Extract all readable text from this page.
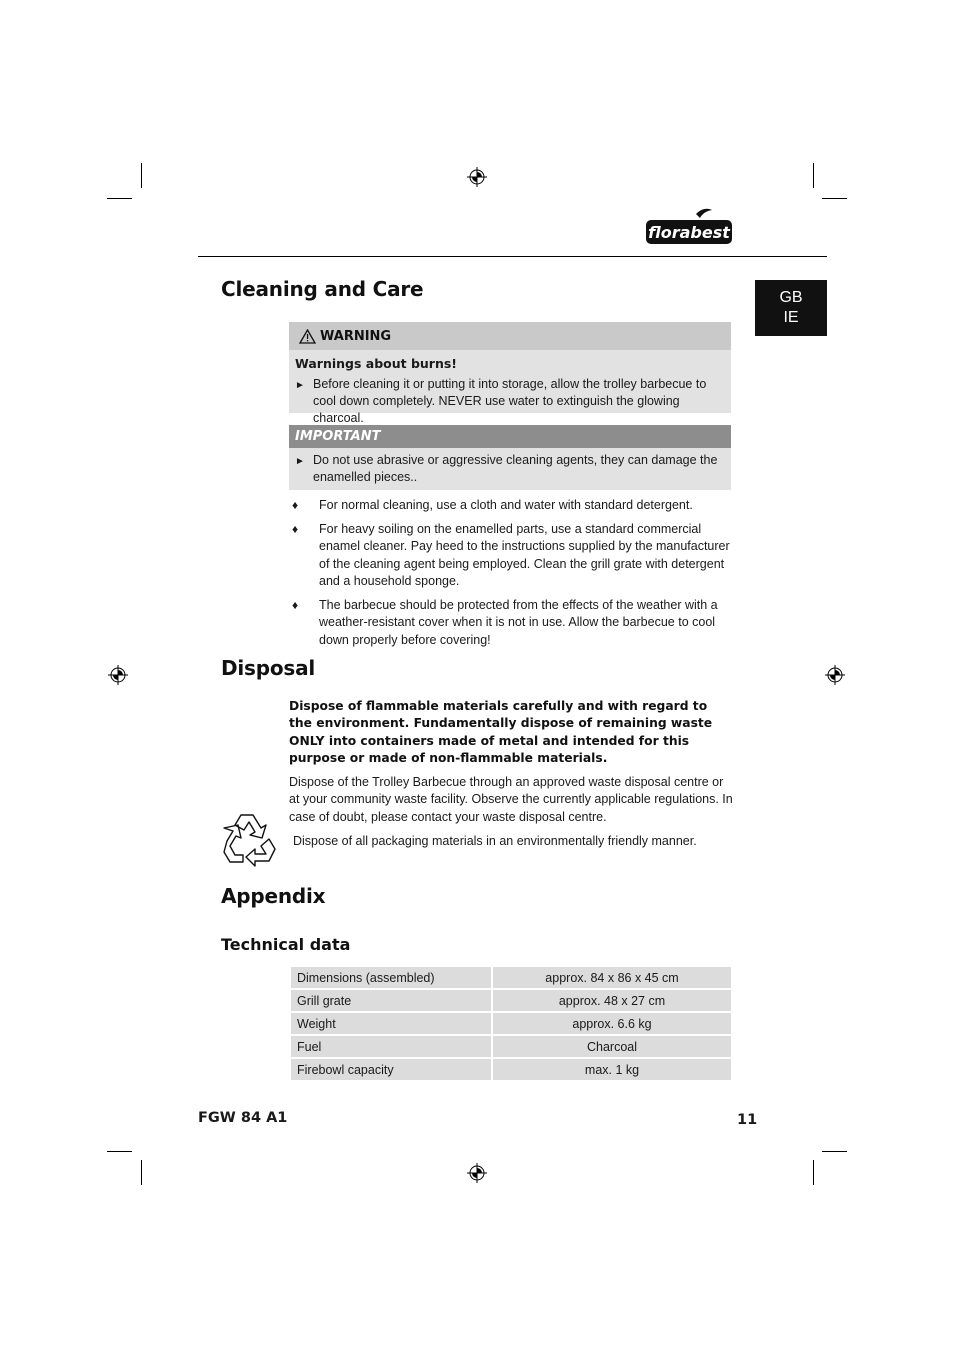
florabest
GB
IE
Cleaning and Care
WARNING
Warnings about burns!
► Before cleaning it or putting it into storage, allow the trolley barbecue to cool down completely. NEVER use water to extinguish the glowing charcoal.
IMPORTANT
► Do not use abrasive or aggressive cleaning agents, they can damage the enamelled pieces..
♦	For normal cleaning, use a cloth and water with standard detergent.
♦	For heavy soiling on the enamelled parts, use a standard commercial enamel cleaner. Pay heed to the instructions supplied by the manufacturer of the cleaning agent being employed. Clean the grill grate with detergent and a household sponge.
♦	The barbecue should be protected from the effects of the weather with a weather-resistant cover when it is not in use. Allow the barbecue to cool down properly before covering!
Disposal
Dispose of flammable materials carefully and with regard to the environment. Fundamentally dispose of remaining waste ONLY into containers made of metal and intended for this purpose or made of non-flammable materials.
Dispose of the Trolley Barbecue through an approved waste disposal centre or at your community waste facility. Observe the currently applicable regulations. In case of doubt, please contact your waste disposal centre.
Dispose of all packaging materials in an environmentally friendly manner.
Appendix
Technical data
Dimensions (assembled)	approx. 84 x 86 x 45 cm
Grill grate	approx. 48 x 27 cm
Weight	approx. 6.6 kg
Fuel	Charcoal
Firebowl capacity	max. 1 kg
FGW 84 A1	11
